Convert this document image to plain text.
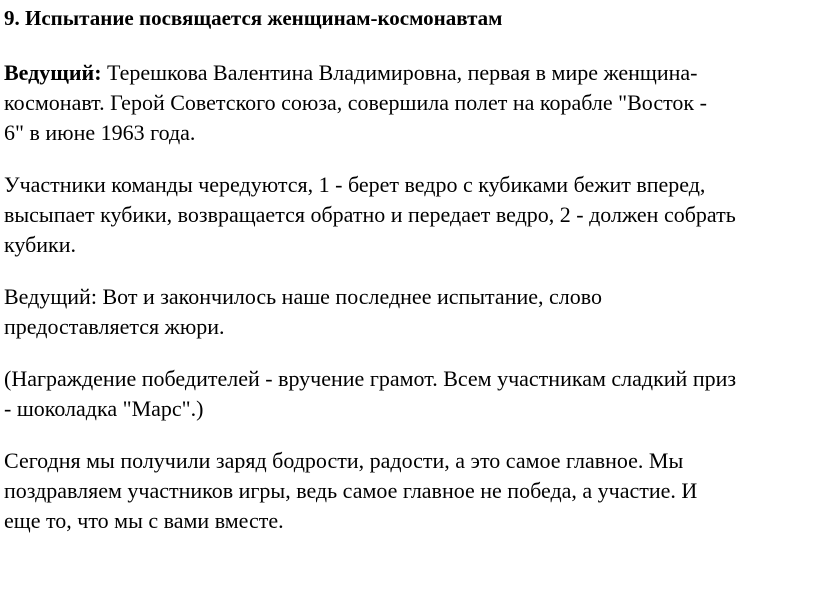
9. Испытание посвящается женщинам-космонавтам
Ведущий: Терешкова Валентина Владимировна, первая в мире женщина-
космонавт. Герой Советского союза, совершила полет на корабле "Восток -
6" в июне 1963 года.
Участники команды чередуются, 1 - берет ведро с кубиками бежит вперед,
высыпает кубики, возвращается обратно и передает ведро, 2 - должен собрать
кубики.
Ведущий: Вот и закончилось наше последнее испытание, слово
предоставляется жюри.
(Награждение победителей - вручение грамот. Всем участникам сладкий приз
- шоколадка "Марс".)
Сегодня мы получили заряд бодрости, радости, а это самое главное. Мы
поздравляем участников игры, ведь самое главное не победа, а участие. И
еще то, что мы с вами вместе.
